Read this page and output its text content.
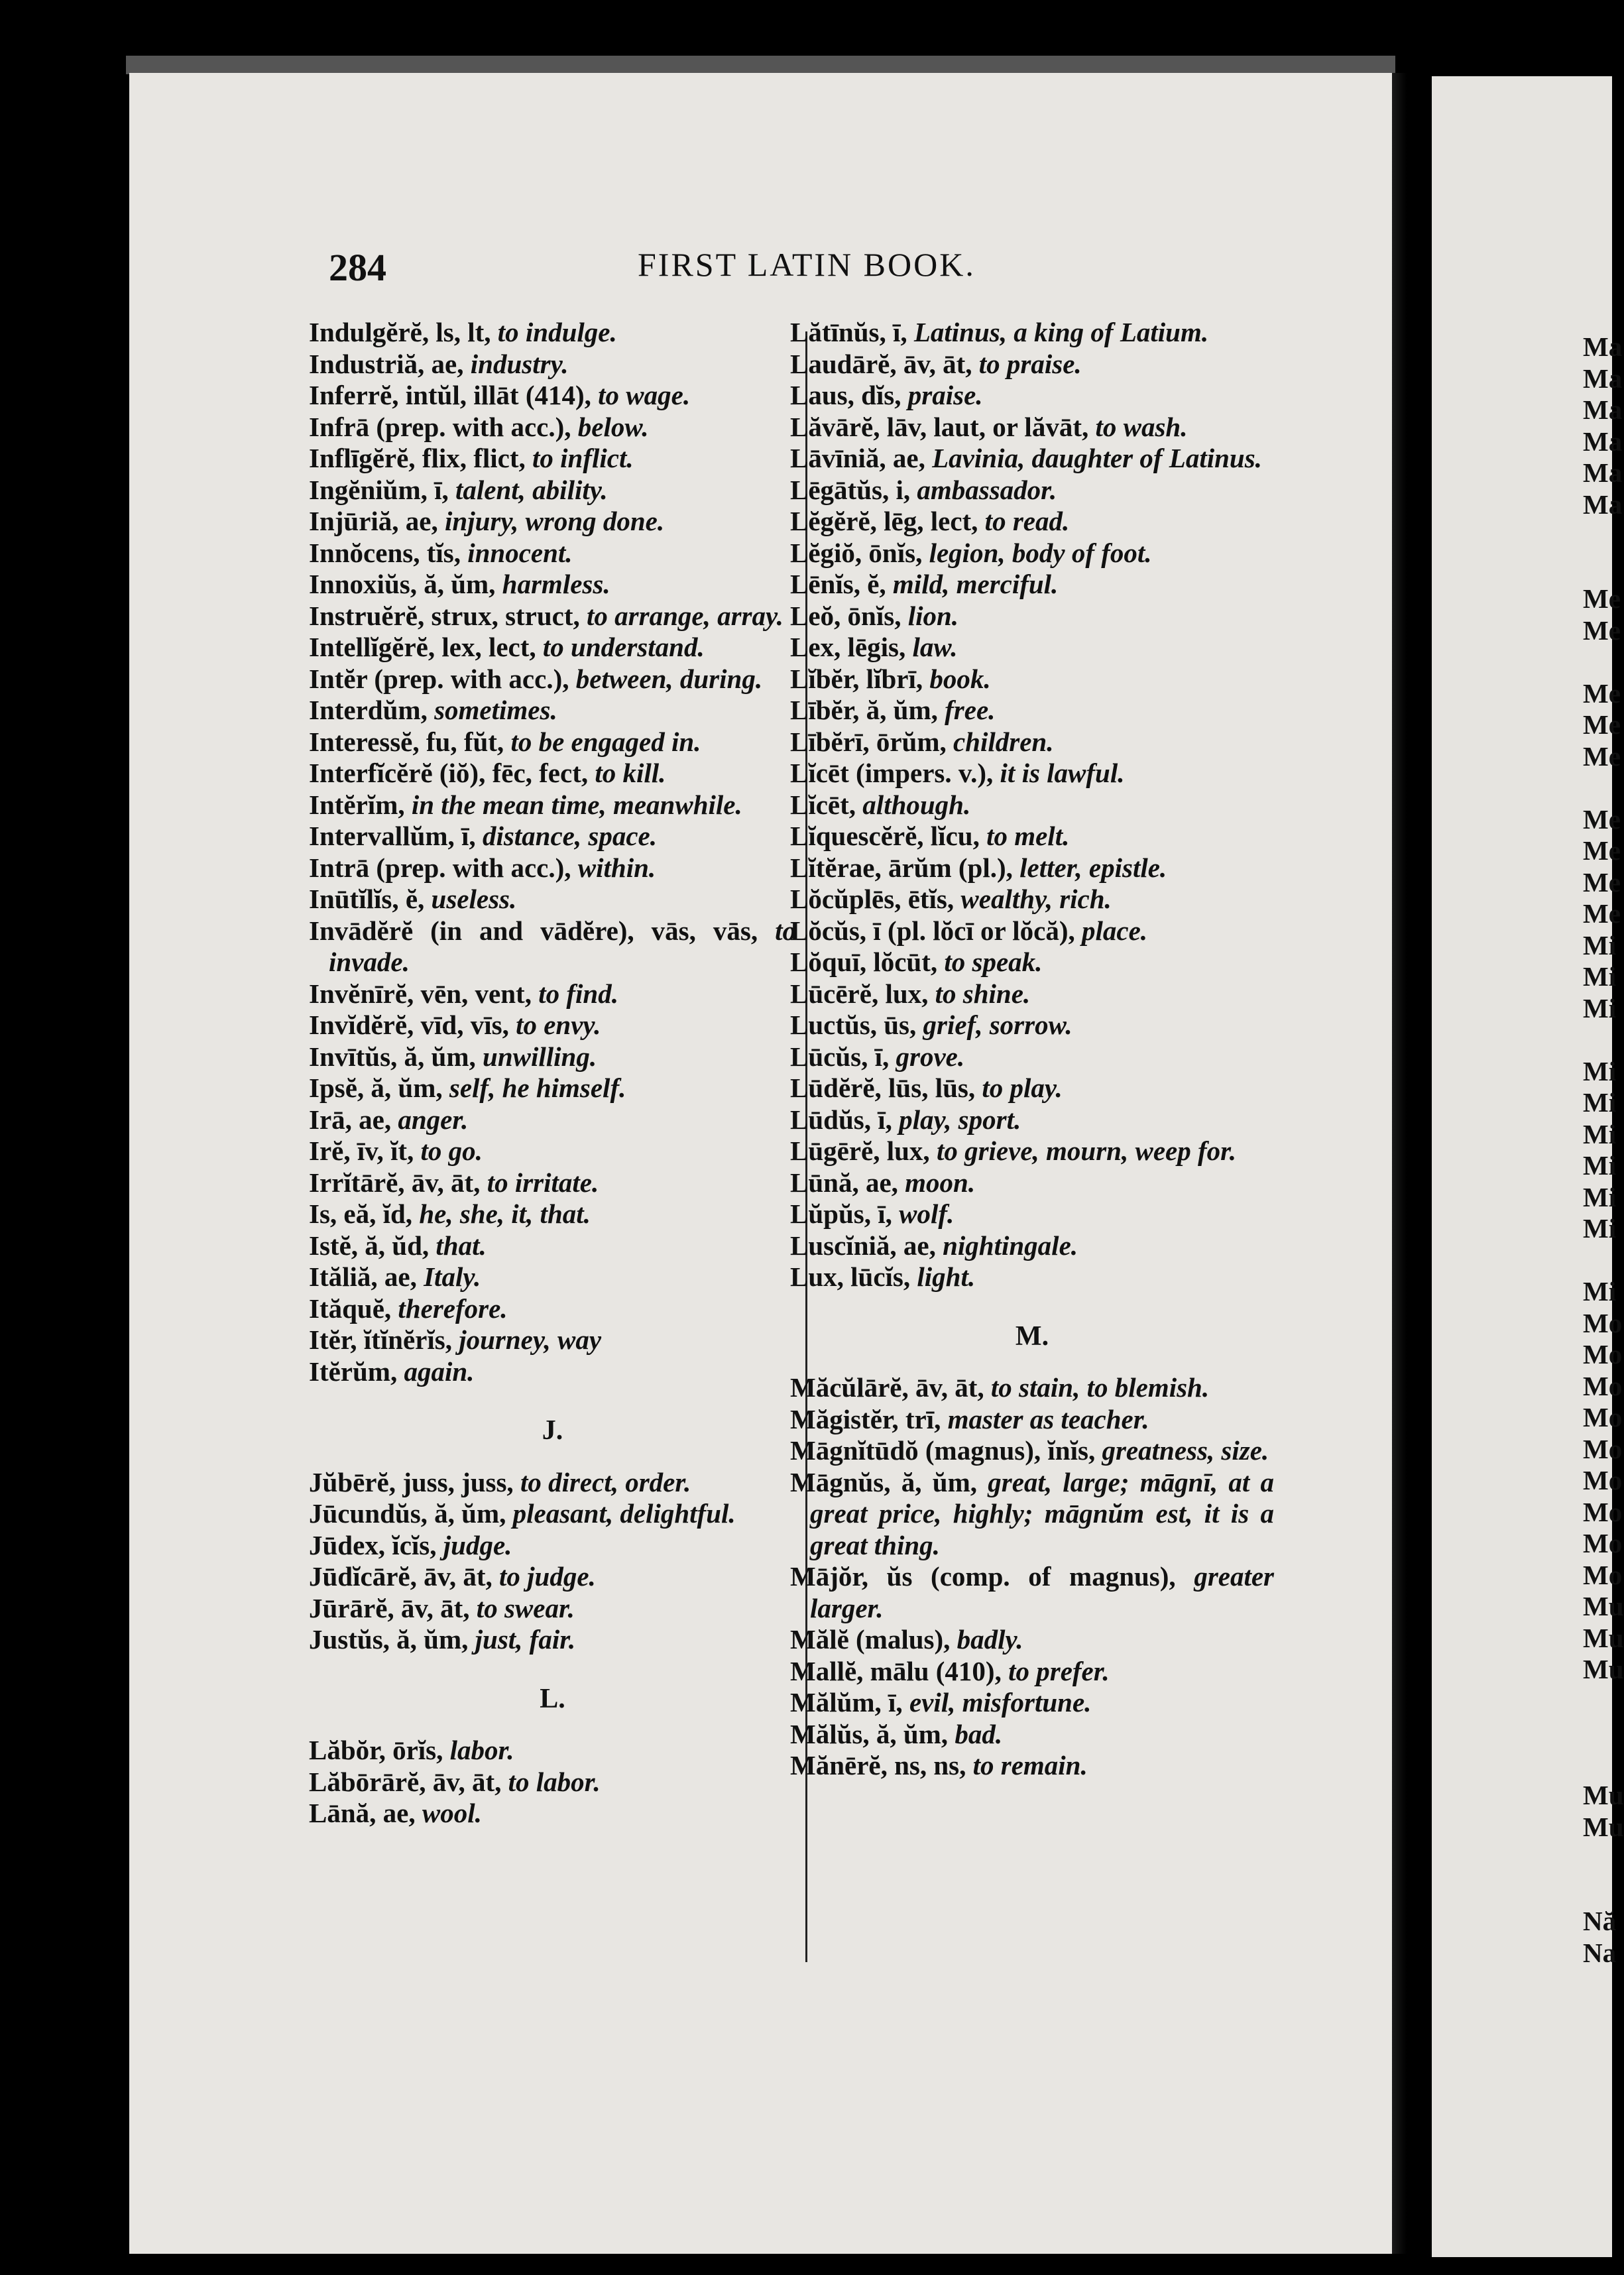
284	FIRST LATIN BOOK.
Indulgĕrĕ, ls, lt, to indulge.
Industriă, ae, industry.
Inferrĕ, intŭl, illāt (414), to wage.
Infrā (prep. with acc.), below.
Inflīgĕrĕ, flix, flict, to inflict.
Ingĕniŭm, ī, talent, ability.
Injūriă, ae, injury, wrong done.
Innŏcens, tĭs, innocent.
Innoxiŭs, ă, ŭm, harmless.
Instruĕrĕ, strux, struct, to arrange, array.
Intellĭgĕrĕ, lex, lect, to understand.
Intĕr (prep. with acc.), between, during.
Interdŭm, sometimes.
Interessĕ, fu, fŭt, to be engaged in.
Interfĭcĕrĕ (iŏ), fēc, fect, to kill.
Intĕrĭm, in the mean time, meanwhile.
Intervallŭm, ī, distance, space.
Intrā (prep. with acc.), within.
Inūtĭlĭs, ĕ, useless.
Invādĕrĕ (in and vādĕre), vās, vās, to invade.
Invĕnīrĕ, vēn, vent, to find.
Invĭdĕrĕ, vīd, vīs, to envy.
Invītŭs, ă, ŭm, unwilling.
Ipsĕ, ă, ŭm, self, he himself.
Irā, ae, anger.
Irĕ, īv, ĭt, to go.
Irrĭtārĕ, āv, āt, to irritate.
Is, eă, ĭd, he, she, it, that.
Istĕ, ă, ŭd, that.
Ităliă, ae, Italy.
Ităquĕ, therefore.
Itĕr, ĭtĭnĕrĭs, journey, way
Itĕrŭm, again.
J.
Jŭbērĕ, juss, juss, to direct, order.
Jūcundŭs, ă, ŭm, pleasant, delightful.
Jūdex, ĭcĭs, judge.
Jūdĭcārĕ, āv, āt, to judge.
Jūrārĕ, āv, āt, to swear.
Justŭs, ă, ŭm, just, fair.
L.
Lăbŏr, ōrĭs, labor.
Lăbōrārĕ, āv, āt, to labor.
Lānă, ae, wool.
Lătīnŭs, ī, Latinus, a king of Latium.
Laudārĕ, āv, āt, to praise.
Laus, dĭs, praise.
Lăvārĕ, lāv, laut, or lăvāt, to wash.
Lāvīniă, ae, Lavinia, daughter of Latinus.
Lēgātŭs, i, ambassador.
Lĕgĕrĕ, lēg, lect, to read.
Lĕgiŏ, ōnĭs, legion, body of foot.
Lēnĭs, ĕ, mild, merciful.
Leŏ, ōnĭs, lion.
Lex, lēgis, law.
Lĭbĕr, lĭbrī, book.
Lībĕr, ă, ŭm, free.
Lībĕrī, ōrŭm, children.
Lĭcēt (impers. v.), it is lawful.
Lĭcēt, although.
Lĭquescĕrĕ, lĭcu, to melt.
Lĭtĕrae, ārŭm (pl.), letter, epistle.
Lŏcŭplēs, ētĭs, wealthy, rich.
Lŏcŭs, ī (pl. lŏcī or lŏcă), place.
Lŏquī, lŏcūt, to speak.
Lūcērĕ, lux, to shine.
Luctŭs, ūs, grief, sorrow.
Lūcŭs, ī, grove.
Lūdĕrĕ, lūs, lūs, to play.
Lūdŭs, ī, play, sport.
Lūgērĕ, lux, to grieve, mourn, weep for.
Lūnă, ae, moon.
Lŭpŭs, ī, wolf.
Luscĭniă, ae, nightingale.
Lux, lūcĭs, light.
M.
Măcŭlārĕ, āv, āt, to stain, to blemish.
Măgistĕr, trī, master as teacher.
Māgnĭtūdŏ (magnus), ĭnĭs, greatness, size.
Māgnŭs, ă, ŭm, great, large; māgnī, at a great price, highly; māgnŭm est, it is a great thing.
Mājŏr, ŭs (comp. of magnus), greater larger.
Mălĕ (malus), badly.
Mallĕ, mālu (410), to prefer.
Mălŭm, ī, evil, misfortune.
Mălŭs, ă, ŭm, bad.
Mănērĕ, ns, ns, to remain.
Ma
Ma
Ma
Ma
Ma
Ma
Me
Me
Me
Me
Me
Me
Me
Me
Me
Mi
Mi
Mi
Mi
Mi
Mi
Mi
Mi
Mi
Mi
Mo
Mo
Mo
Mo
Mo
Mo
Mo
Mo
Mo
Mu
Mu
Mu
Mu
Mu
Nă
Na
